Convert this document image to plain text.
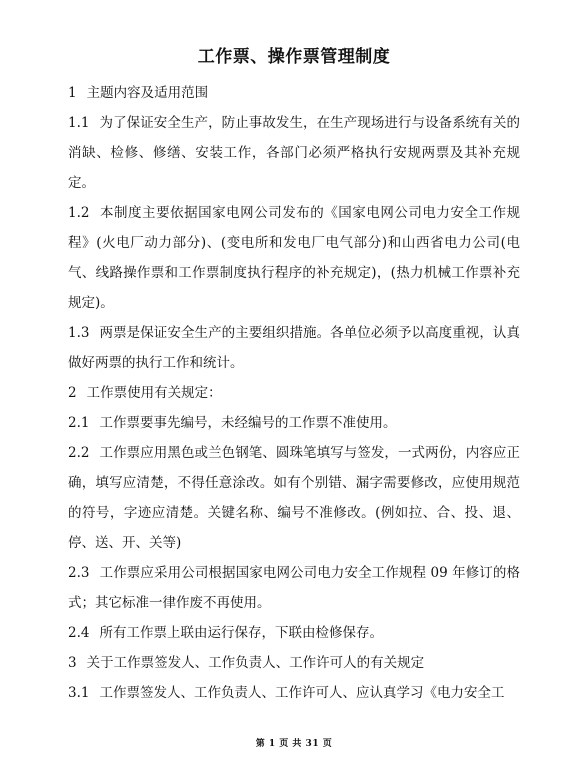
工作票、操作票管理制度

1 主题内容及适用范围

1.1 为了保证安全生产，防止事故发生，在生产现场进行与设备系统有关的消缺、检修、修缮、安装工作，各部门必须严格执行安规两票及其补充规定。

1.2 本制度主要依据国家电网公司发布的《国家电网公司电力安全工作规程》(火电厂动力部分)、(变电所和发电厂电气部分)和山西省电力公司(电气、线路操作票和工作票制度执行程序的补充规定)，(热力机械工作票补充规定)。

1.3 两票是保证安全生产的主要组织措施。各单位必须予以高度重视，认真做好两票的执行工作和统计。

2 工作票使用有关规定：

2.1 工作票要事先编号，未经编号的工作票不准使用。

2.2 工作票应用黑色或兰色钢笔、圆珠笔填写与签发，一式两份，内容应正确，填写应清楚，不得任意涂改。如有个别错、漏字需要修改，应使用规范的符号，字迹应清楚。关键名称、编号不准修改。(例如拉、合、投、退、停、送、开、关等)

2.3 工作票应采用公司根据国家电网公司电力安全工作规程 09 年修订的格式；其它标准一律作废不再使用。

2.4 所有工作票上联由运行保存，下联由检修保存。

3 关于工作票签发人、工作负责人、工作许可人的有关规定

3.1 工作票签发人、工作负责人、工作许可人、应认真学习《电力安全工

第 1 页 共 31 页
